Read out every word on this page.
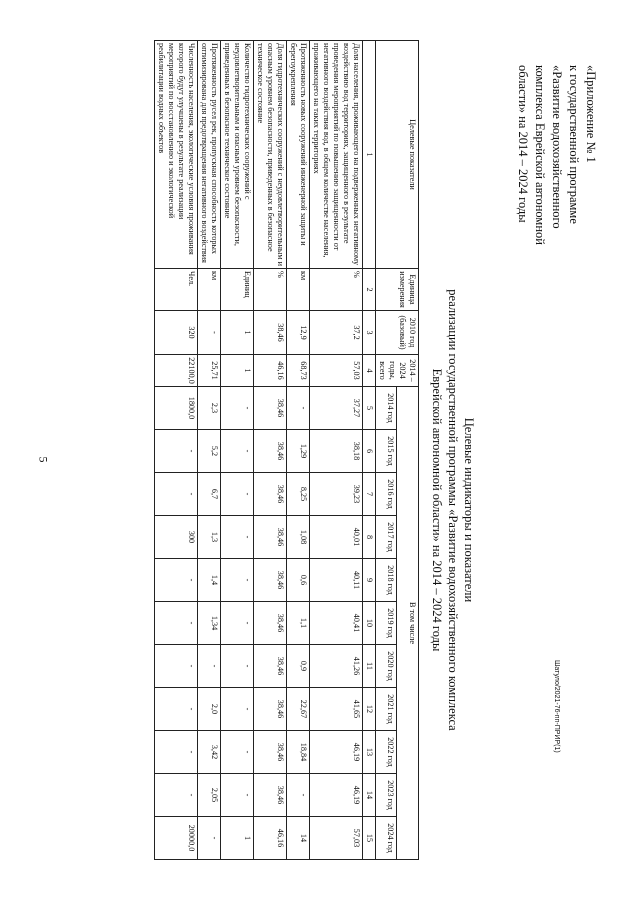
5
Шатуло/2021-76-пп-ПРИР(1)
«Приложение № 1
к государственной программе
«Развитие водохозяйственного
комплекса Еврейской автономной
области» на 2014 – 2024 годы
Целевые индикаторы и показатели
реализации государственной программы «Развитие водохозяйственного комплекса
Еврейской автономной области» на 2014 – 2024 годы
Целевые показатели	Единица измерения	2010 год (базовый)	2014 – 2024 годы, всего	В том числе										
				2014 год	2015 год	2016 год	2017 год	2018 год	2019 год	2020 год	2021 год	2022 год	2023 год	2024 год
1	2	3	4	5	6	7	8	9	10	11	12	13	14	15
Доля населения, проживающего на подверженных негативному воздействию вод территориях, защищенного в результате проведения мероприятий по повышению защищенности от негативного воздействия вод, в общем количестве населения, проживающего на таких территориях	%	37,2	57,03	37,27	38,18	39,23	40,01	40,11	40,41	41,26	41,65	46,19	46,19	57,03
Протяженность новых сооружений инженерной защиты и берегоукрепления	км	12,9	68,73	-	1,29	8,25	1,08	0,6	1,1	0,9	22,67	18,84	-	14
Доля гидротехнических сооружений с неудовлетворительным и опасным уровнем безопасности, приведенных в безопасное техническое состояние	%	38,46	46,16	38,46	38,46	38,46	38,46	38,46	38,46	38,46	38,46	38,46	38,46	46,16
Количество гидротехнических сооружений с неудовлетворительным и опасным уровнем безопасности, приведенных в безопасное техническое состояние	Единиц	1	1	-	-	-	-	-	-	-	-	-	-	1
Протяженность русел рек, пропускная способность которых оптимизирована для предотвращения негативного воздействия	км	-	25,71	2,3	5,2	6,7	1,3	1,4	1,34	-	2,0	3,42	2,05	-
Численность населения, экологические условия проживания которого будут улучшены в результате реализации мероприятий по восстановлению и экологической реабилитации водных объектов	Чел.	320	22100,0	1800,0	-	-	300	-	-	-	-	-	-	20000,0
